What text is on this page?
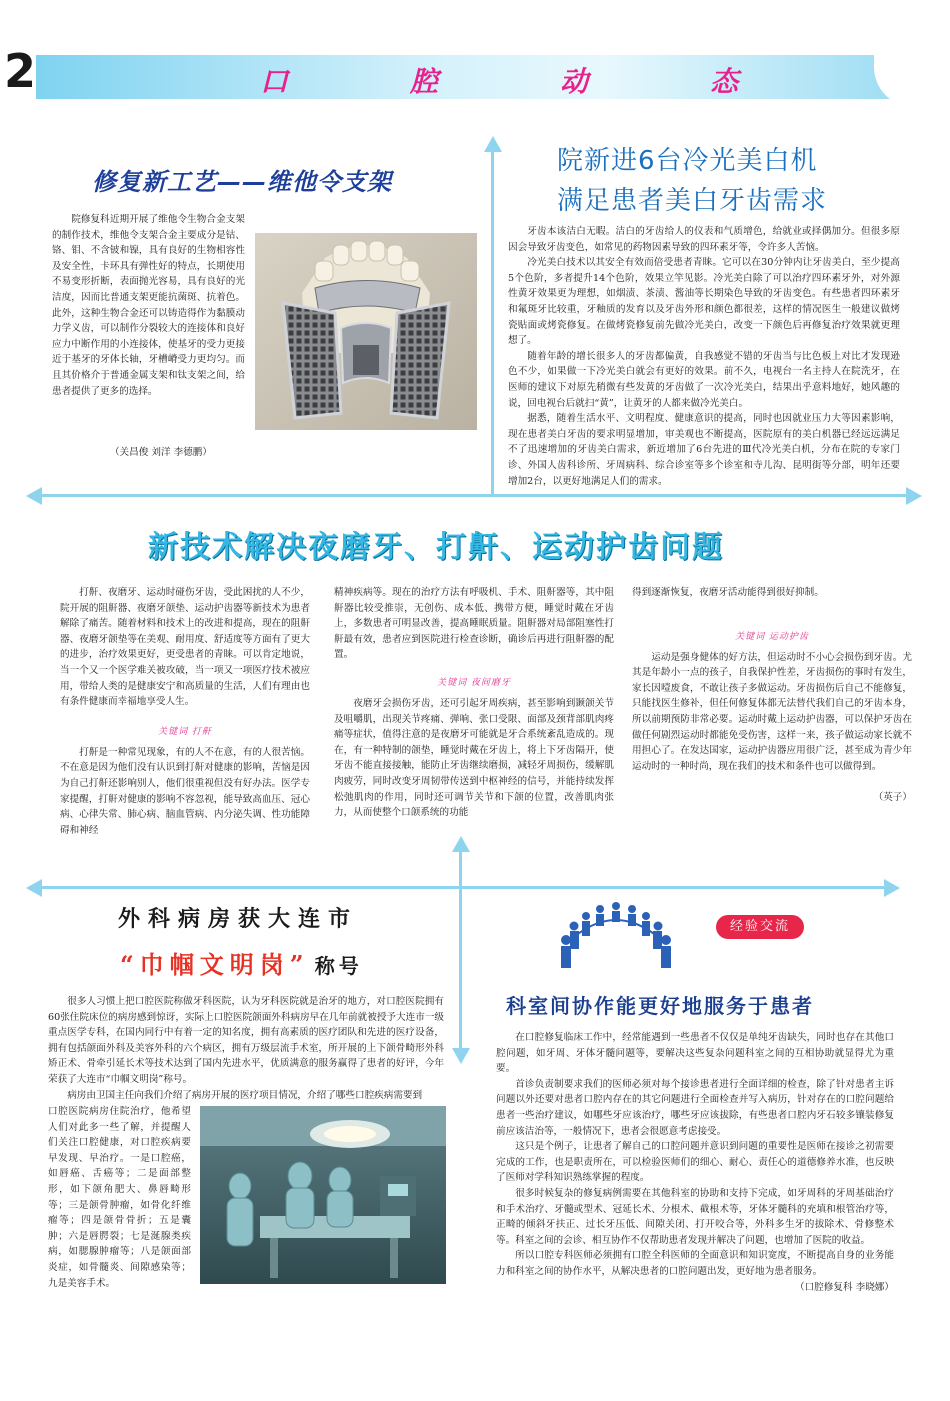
2	口	腔	动	态
修复新工艺——维他令支架

院修复科近期开展了维他令生物合金支架的制作技术，维他令支架合金主要成分是钴、铬、钼、不含铍和镍，具有良好的生物相容性及安全性，卡环具有弹性好的特点，长期使用不易变形折断，表面抛光容易，具有良好的光洁度，因而比普通支架更能抗菌斑、抗着色。此外，这种生物合金还可以铸造得作为黏膜动力学义齿，可以制作分裂较大的连接体和良好应力中断作用的小连接体，使基牙的受力更接近于基牙的牙体长轴，牙槽嵴受力更均匀。而且其价格介于普通金属支架和钛支架之间，给患者提供了更多的选择。

（关昌俊 刘洋 李德鹏）
院新进6台冷光美白机
满足患者美白牙齿需求

牙齿本该洁白无暇。洁白的牙齿给人的仪表和气质增色，给就业或择偶加分。但很多原因会导致牙齿变色，如常见的药物因素导致的四环素牙等，令许多人苦恼。

冷光美白技术以其安全有效而倍受患者青睐。它可以在30分钟内让牙齿美白，至少提高5个色阶，多者提升14个色阶，效果立竿见影。冷光美白除了可以治疗四环素牙外，对外源性黄牙效果更为理想，如烟渍、茶渍、酱油等长期染色导致的牙齿变色。有些患者四环素牙和氟斑牙比较重，牙釉质的发育以及牙齿外形和颜色都很差，这样的情况医生一般建议做烤瓷贴面或烤瓷修复。在做烤瓷修复前先做冷光美白，改变一下颜色后再修复治疗效果就更理想了。

随着年龄的增长很多人的牙齿都偏黄，自我感觉不错的牙齿当与比色板上对比才发现逊色不少，如果做一下冷光美白就会有更好的效果。前不久，电视台一名主持人在院洗牙，在医师的建议下对原先稍微有些发黄的牙齿做了一次冷光美白，结果出乎意料地好，她风趣的说，回电视台后就扫“黄”，让黄牙的人都来做冷光美白。

据悉，随着生活水平、文明程度、健康意识的提高，同时也因就业压力大等因素影响，现在患者美白牙齿的要求明显增加，审美观也不断提高，医院原有的美白机器已经远远满足不了迅速增加的牙齿美白需求，新近增加了6台先进的Ⅲ代冷光美白机，分布在院的专家门诊、外国人齿科诊所、牙周病科、综合诊室等多个诊室和寺儿沟、昆明街等分部，明年还要增加2台，以更好地满足人们的需求。

新技术解决夜磨牙、打鼾、运动护齿问题

打鼾、夜磨牙、运动时碰伤牙齿，受此困扰的人不少，院开展的阻鼾器、夜磨牙颌垫、运动护齿器等新技术为患者解除了痛苦。随着材料和技术上的改进和提高，现在的阻鼾器、夜磨牙颌垫等在美观、耐用度、舒适度等方面有了更大的进步，治疗效果更好，更受患者的青睐。可以肯定地说，当一个又一个医学难关被攻破，当一项又一项医疗技术被应用，带给人类的是健康安宁和高质量的生活，人们有理由也有条件健康而幸福地享受人生。

关键词 打鼾

打鼾是一种常见现象，有的人不在意，有的人很苦恼。不在意是因为他们没有认识到打鼾对健康的影响，苦恼是因为自己打鼾还影响别人，他们很重视但没有好办法。医学专家提醒，打鼾对健康的影响不容忽视，能导致高血压、冠心病、心律失常、肺心病、脑血管病、内分泌失调、性功能障碍和神经

精神疾病等。现在的治疗方法有呼吸机、手术、阻鼾器等，其中阻鼾器比较受推崇，无创伤、成本低、携带方便，睡觉时戴在牙齿上，多数患者可明显改善，提高睡眠质量。阻鼾器对局部阻塞性打鼾最有效，患者应到医院进行检查诊断，确诊后再进行阻鼾器的配置。

关键词 夜间磨牙

夜磨牙会损伤牙齿，还可引起牙周疾病，甚至影响到颞颌关节及咀嚼肌，出现关节疼痛、弹响、张口受限、面部及颈背部肌肉疼痛等症状，值得注意的是夜磨牙可能就是牙合系统紊乱造成的。现在，有一种特制的颌垫，睡觉时戴在牙齿上，将上下牙齿隔开，使牙齿不能直接接触，能防止牙齿继续磨损，减轻牙周损伤，缓解肌肉疲劳，同时改变牙周韧带传送到中枢神经的信号，并能持续发挥松弛肌肉的作用，同时还可调节关节和下颌的位置，改善肌肉张力，从而使整个口颌系统的功能

得到逐渐恢复，夜磨牙活动能得到很好抑制。

关键词 运动护齿

运动是强身健体的好方法，但运动时不小心会损伤到牙齿。尤其是年龄小一点的孩子，自我保护性差，牙齿损伤的事时有发生，家长因噎废食，不敢让孩子多做运动。牙齿损伤后自己不能修复，只能找医生修补，但任何修复体都无法替代我们自己的牙齿本身，所以前期预防非常必要。运动时戴上运动护齿器，可以保护牙齿在做任何剧烈运动时都能免受伤害，这样一来，孩子做运动家长就不用担心了。在发达国家，运动护齿器应用很广泛，甚至成为青少年运动时的一种时尚，现在我们的技术和条件也可以做得到。

（英子）
外科病房获大连市
“巾帼文明岗” 称号

很多人习惯上把口腔医院称做牙科医院，认为牙科医院就是治牙的地方，对口腔医院拥有60张住院床位的病房感到惊讶，实际上口腔医院颌面外科病房早在几年前就被授予大连市一级重点医学专科，在国内同行中有着一定的知名度，拥有高素质的医疗团队和先进的医疗设备，拥有包括颌面外科及美容外科的六个病区，拥有万级层流手术室，所开展的上下颌骨畸形外科矫正术、骨牵引延长术等技术达到了国内先进水平，优质满意的服务赢得了患者的好评，今年荣获了大连市“巾帼文明岗”称号。

病房由卫国主任向我们介绍了病房开展的医疗项目情况，介绍了哪些口腔疾病需要到

口腔医院病房住院治疗，他希望人们对此多一些了解，并提醒人们关注口腔健康，对口腔疾病要早发现、早治疗。一是口腔癌，如唇癌、舌癌等；二是面部整形，如下颌角肥大、鼻唇畸形等；三是颌骨肿瘤，如骨化纤维瘤等；四是颌骨骨折；五是囊肿；六是唇腭裂；七是涎腺类疾病，如腮腺肿瘤等；八是颌面部炎症，如骨髓炎、间隙感染等；九是美容手术。

经验交流
科室间协作能更好地服务于患者

在口腔修复临床工作中，经常能遇到一些患者不仅仅是单纯牙齿缺失，同时也存在其他口腔问题，如牙周、牙体牙髓问题等，要解决这些复杂问题科室之间的互相协助就显得尤为重要。

首诊负责制要求我们的医师必须对每个接诊患者进行全面详细的检查，除了针对患者主诉问题以外还要对患者口腔内存在的其它问题进行全面检查并写入病历，针对存在的口腔问题给患者一些治疗建议，如哪些牙应该治疗，哪些牙应该拔除，有些患者口腔内牙石较多镶装修复前应该洁治等，一般情况下，患者会很愿意考虑接受。

这只是个例子，让患者了解自己的口腔问题并意识到问题的重要性是医师在接诊之初需要完成的工作，也是职责所在，可以检验医师们的细心、耐心、责任心的道德修养水准，也反映了医师对学科知识熟练掌握的程度。

很多时候复杂的修复病例需要在其他科室的协助和支持下完成，如牙周科的牙周基础治疗和手术治疗、牙髓或型术、冠延长术、分根术、截根术等，牙体牙髓科的充填和根管治疗等，正畸的倾斜牙扶正、过长牙压低、间隙关闭、打开咬合等，外科多生牙的拔除术、骨修整术等。科室之间的会诊、相互协作不仅帮助患者发现并解决了问题，也增加了医院的收益。

所以口腔专科医师必须拥有口腔全科医师的全面意识和知识宽度，不断提高自身的业务能力和科室之间的协作水平，从解决患者的口腔问题出发，更好地为患者服务。

（口腔修复科 李晓娜）
